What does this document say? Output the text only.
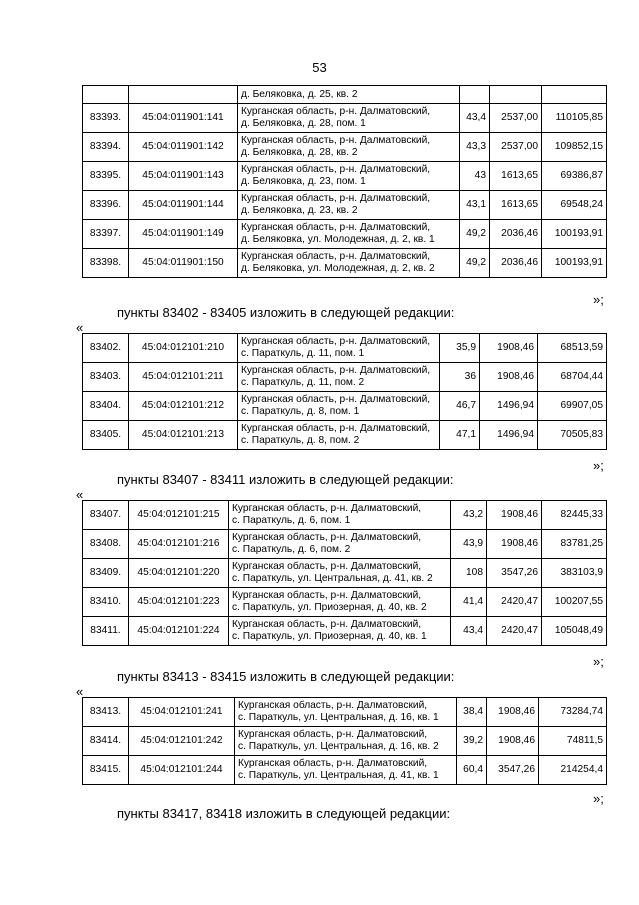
53

		д. Беляковка, д. 25, кв. 2			

83393.	45:04:011901:141	Курганская область, р-н. Далматовский,
д. Беляковка, д. 28, пом. 1	43,4	2537,00	110105,85
83394.	45:04:011901:142	Курганская область, р-н. Далматовский,
д. Беляковка, д. 28, кв. 2	43,3	2537,00	109852,15
83395.	45:04:011901:143	Курганская область, р-н. Далматовский,
д. Беляковка, д. 23, пом. 1	43	1613,65	69386,87
83396.	45:04:011901:144	Курганская область, р-н. Далматовский,
д. Беляковка, д. 23, кв. 2	43,1	1613,65	69548,24
83397.	45:04:011901:149	Курганская область, р-н. Далматовский,
д. Беляковка, ул. Молодежная, д. 2, кв. 1	49,2	2036,46	100193,91
83398.	45:04:011901:150	Курганская область, р-н. Далматовский,
д. Беляковка, ул. Молодежная, д. 2, кв. 2	49,2	2036,46	100193,91
»;
пункты 83402 - 83405 изложить в следующей редакции:
«
83402.	45:04:012101:210	Курганская область, р-н. Далматовский,
с. Параткуль, д. 11, пом. 1	35,9	1908,46	68513,59
83403.	45:04:012101:211	Курганская область, р-н. Далматовский,
с. Параткуль, д. 11, пом. 2	36	1908,46	68704,44
83404.	45:04:012101:212	Курганская область, р-н. Далматовский,
с. Параткуль, д. 8, пом. 1	46,7	1496,94	69907,05
83405.	45:04:012101:213	Курганская область, р-н. Далматовский,
с. Параткуль, д. 8, пом. 2	47,1	1496,94	70505,83
»;
пункты 83407 - 83411 изложить в следующей редакции:
«
83407.	45:04:012101:215	Курганская область, р-н. Далматовский,
с. Параткуль, д. 6, пом. 1	43,2	1908,46	82445,33
83408.	45:04:012101:216	Курганская область, р-н. Далматовский,
с. Параткуль, д. 6, пом. 2	43,9	1908,46	83781,25
83409.	45:04:012101:220	Курганская область, р-н. Далматовский,
с. Параткуль, ул. Центральная, д. 41, кв. 2	108	3547,26	383103,9
83410.	45:04:012101:223	Курганская область, р-н. Далматовский,
с. Параткуль, ул. Приозерная, д. 40, кв. 2	41,4	2420,47	100207,55
83411.	45:04:012101:224	Курганская область, р-н. Далматовский,
с. Параткуль, ул. Приозерная, д. 40, кв. 1	43,4	2420,47	105048,49
»;
пункты 83413 - 83415 изложить в следующей редакции:
«
83413.	45:04:012101:241	Курганская область, р-н. Далматовский,
с. Параткуль, ул. Центральная, д. 16, кв. 1	38,4	1908,46	73284,74
83414.	45:04:012101:242	Курганская область, р-н. Далматовский,
с. Параткуль, ул. Центральная, д. 16, кв. 2	39,2	1908,46	74811,5
83415.	45:04:012101:244	Курганская область, р-н. Далматовский,
с. Параткуль, ул. Центральная, д. 41, кв. 1	60,4	3547,26	214254,4
»;
пункты 83417, 83418 изложить в следующей редакции:
